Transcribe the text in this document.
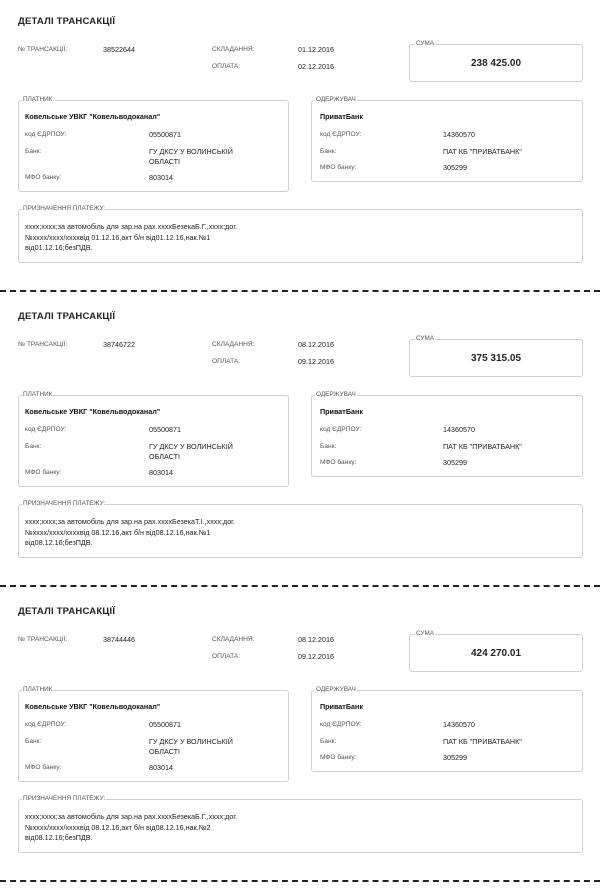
ДЕТАЛІ ТРАНСАКЦІЇ
№ ТРАНСАКЦІЇ:	38522644	СКЛАДАННЯ:	01.12.2016
ОПЛАТА:	02.12.2016
СУМА
238 425.00
ПЛАТНИК
Ковельське УВКГ "Ковельводоканал"
код ЄДРПОУ:	05500871
Банк:	ГУ ДКСУ У ВОЛИНСЬКІЙ
ОБЛАСТІ
МФО банку:	803014
ОДЕРЖУВАЧ
ПриватБанк
код ЄДРПОУ:	14360570
Банк:	ПАТ КБ "ПРИВАТБАНК"
МФО банку:	305299
ПРИЗНАЧЕННЯ ПЛАТЕЖУ:
xxxx;xxxx;за автомобіль для зар.на рах.xxxxБезекаБ.Г.,xxxx;дог.
№xxxx/xxxx/xxxxвід 01.12.16,акт б/н від01.12.16,нак.№1
від01.12.16;безПДВ.
ДЕТАЛІ ТРАНСАКЦІЇ
№ ТРАНСАКЦІЇ:	38746722	СКЛАДАННЯ:	08.12.2016
ОПЛАТА:	09.12.2016
СУМА
375 315.05
ПЛАТНИК
Ковельське УВКГ "Ковельводоканал"
код ЄДРПОУ:	05500871
Банк:	ГУ ДКСУ У ВОЛИНСЬКІЙ
ОБЛАСТІ
МФО банку:	803014
ОДЕРЖУВАЧ
ПриватБанк
код ЄДРПОУ:	14360570
Банк:	ПАТ КБ "ПРИВАТБАНК"
МФО банку:	305299
ПРИЗНАЧЕННЯ ПЛАТЕЖУ:
xxxx;xxxx;за автомобіль для зар.на рах.xxxxБезекаТ.І.,xxxx;дог.
№xxxx/xxxx/xxxxвід 08.12.16,акт б/н від08.12.16,нак.№1
від08.12.16;безПДВ.
ДЕТАЛІ ТРАНСАКЦІЇ
№ ТРАНСАКЦІЇ:	38744446	СКЛАДАННЯ:	08.12.2016
ОПЛАТА:	09.12.2016
СУМА
424 270.01
ПЛАТНИК
Ковельське УВКГ "Ковельводоканал"
код ЄДРПОУ:	05500871
Банк:	ГУ ДКСУ У ВОЛИНСЬКІЙ
ОБЛАСТІ
МФО банку:	803014
ОДЕРЖУВАЧ
ПриватБанк
код ЄДРПОУ:	14360570
Банк:	ПАТ КБ "ПРИВАТБАНК"
МФО банку:	305299
ПРИЗНАЧЕННЯ ПЛАТЕЖУ:
xxxx;xxxx;за автомобіль для зар.на рах.xxxxБезекаБ.Г.,xxxx;дог.
№xxxx/xxxx/xxxxвід 08.12.16,акт б/н від08.12.16,нак.№2
від08.12.16;безПДВ.
